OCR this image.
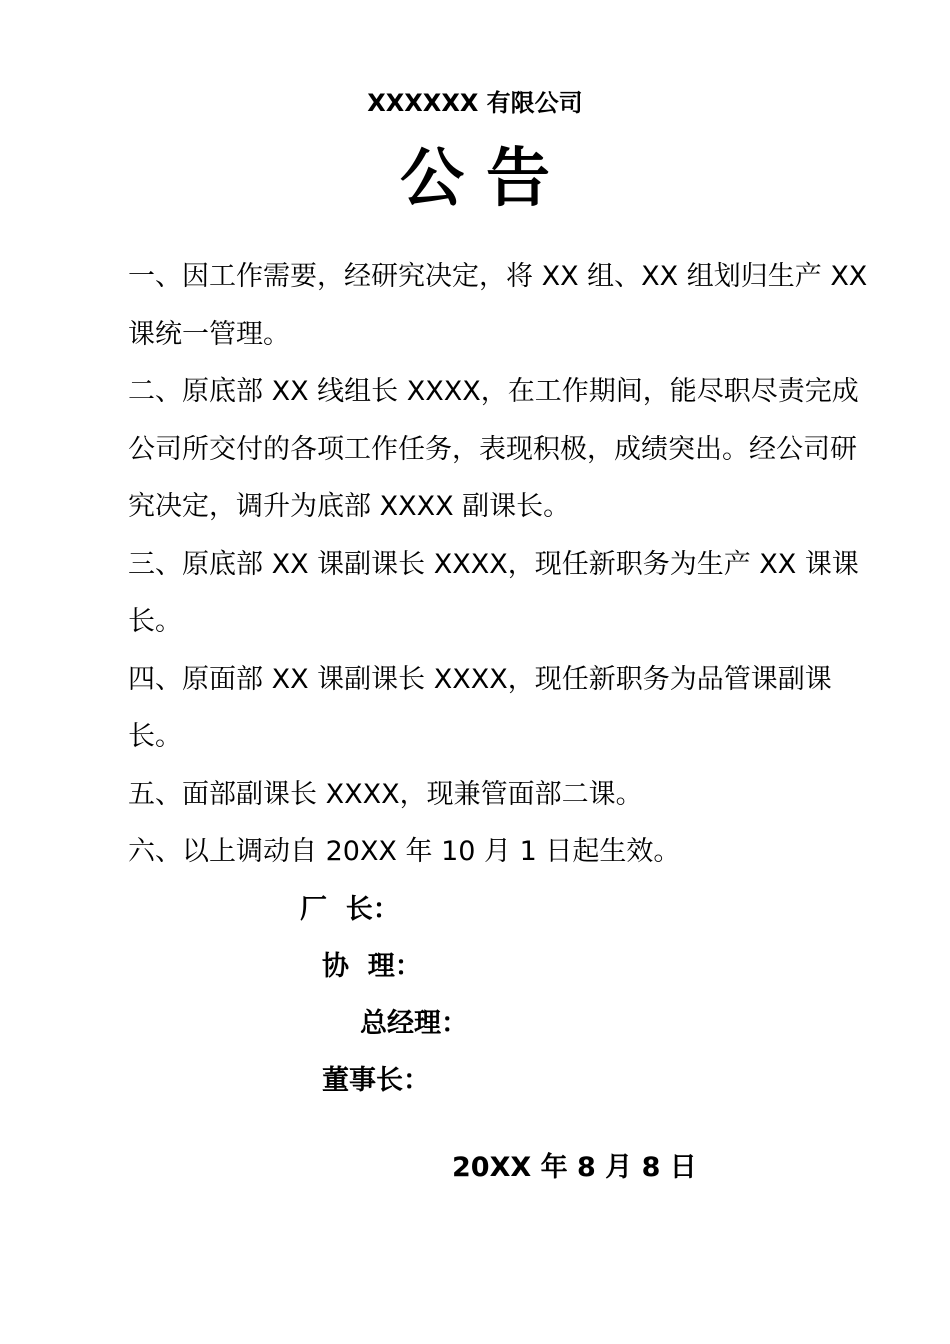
XXXXXX 有限公司
公告

一、因工作需要，经研究决定，将 XX 组、XX 组划归生产 XX 课统一管理。

二、原底部 XX 线组长 XXXX，在工作期间，能尽职尽责完成公司所交付的各项工作任务，表现积极，成绩突出。经公司研究决定，调升为底部 XXXX 副课长。

三、原底部 XX 课副课长 XXXX，现任新职务为生产 XX 课课长。

四、原面部 XX 课副课长 XXXX，现任新职务为品管课副课长。

五、面部副课长 XXXX，现兼管面部二课。

六、以上调动自 20XX 年 10 月 1 日起生效。

厂  长：
协  理：
总经理：
董事长：
20XX 年 8 月 8 日
